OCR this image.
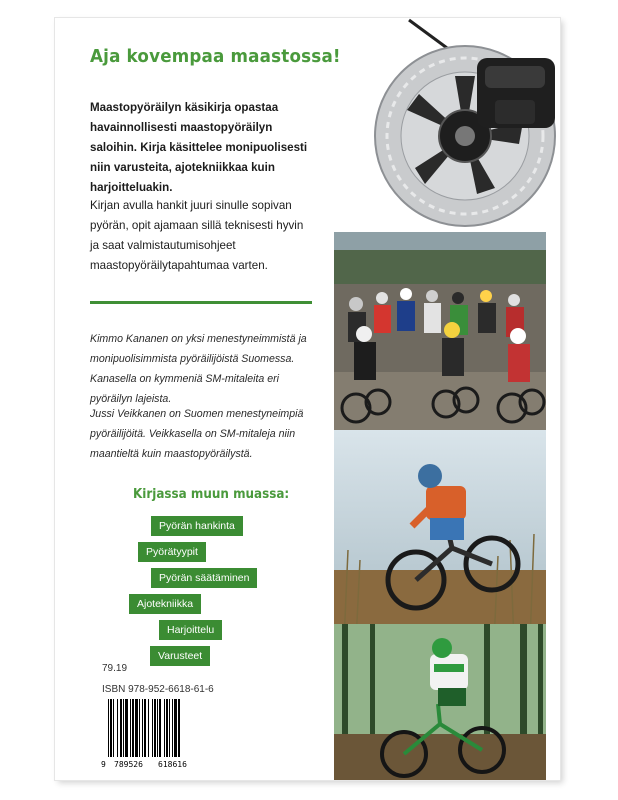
Aja kovempaa maastossa!

Maastopyöräilyn käsikirja opastaa havainnollisesti maastopyöräilyn saloihin. Kirja käsittelee monipuolisesti niin varusteita, ajotekniikkaa kuin harjoitteluakin.

Kirjan avulla hankit juuri sinulle sopivan pyörän, opit ajamaan sillä teknisesti hyvin ja saat valmistautumisohjeet maastopyöräilytapahtumaa varten.

Kimmo Kananen on yksi menestyneimmistä ja monipuolisimmista pyöräilijöistä Suomessa. Kanasella on kymmeniä SM-mitaleita eri pyöräilyn lajeista.

Jussi Veikkanen on Suomen menestyneimpiä pyöräilijöitä. Veikkasella on SM-mitaleja niin maantieltä kuin maastopyöräilystä.

Kirjassa muun muassa:
Pyörän hankinta
Pyörätyypit
Pyörän säätäminen
Ajotekniikka
Harjoittelu
Varusteet

79.19

ISBN 978-952-6618-61-6

9 789526 618616
